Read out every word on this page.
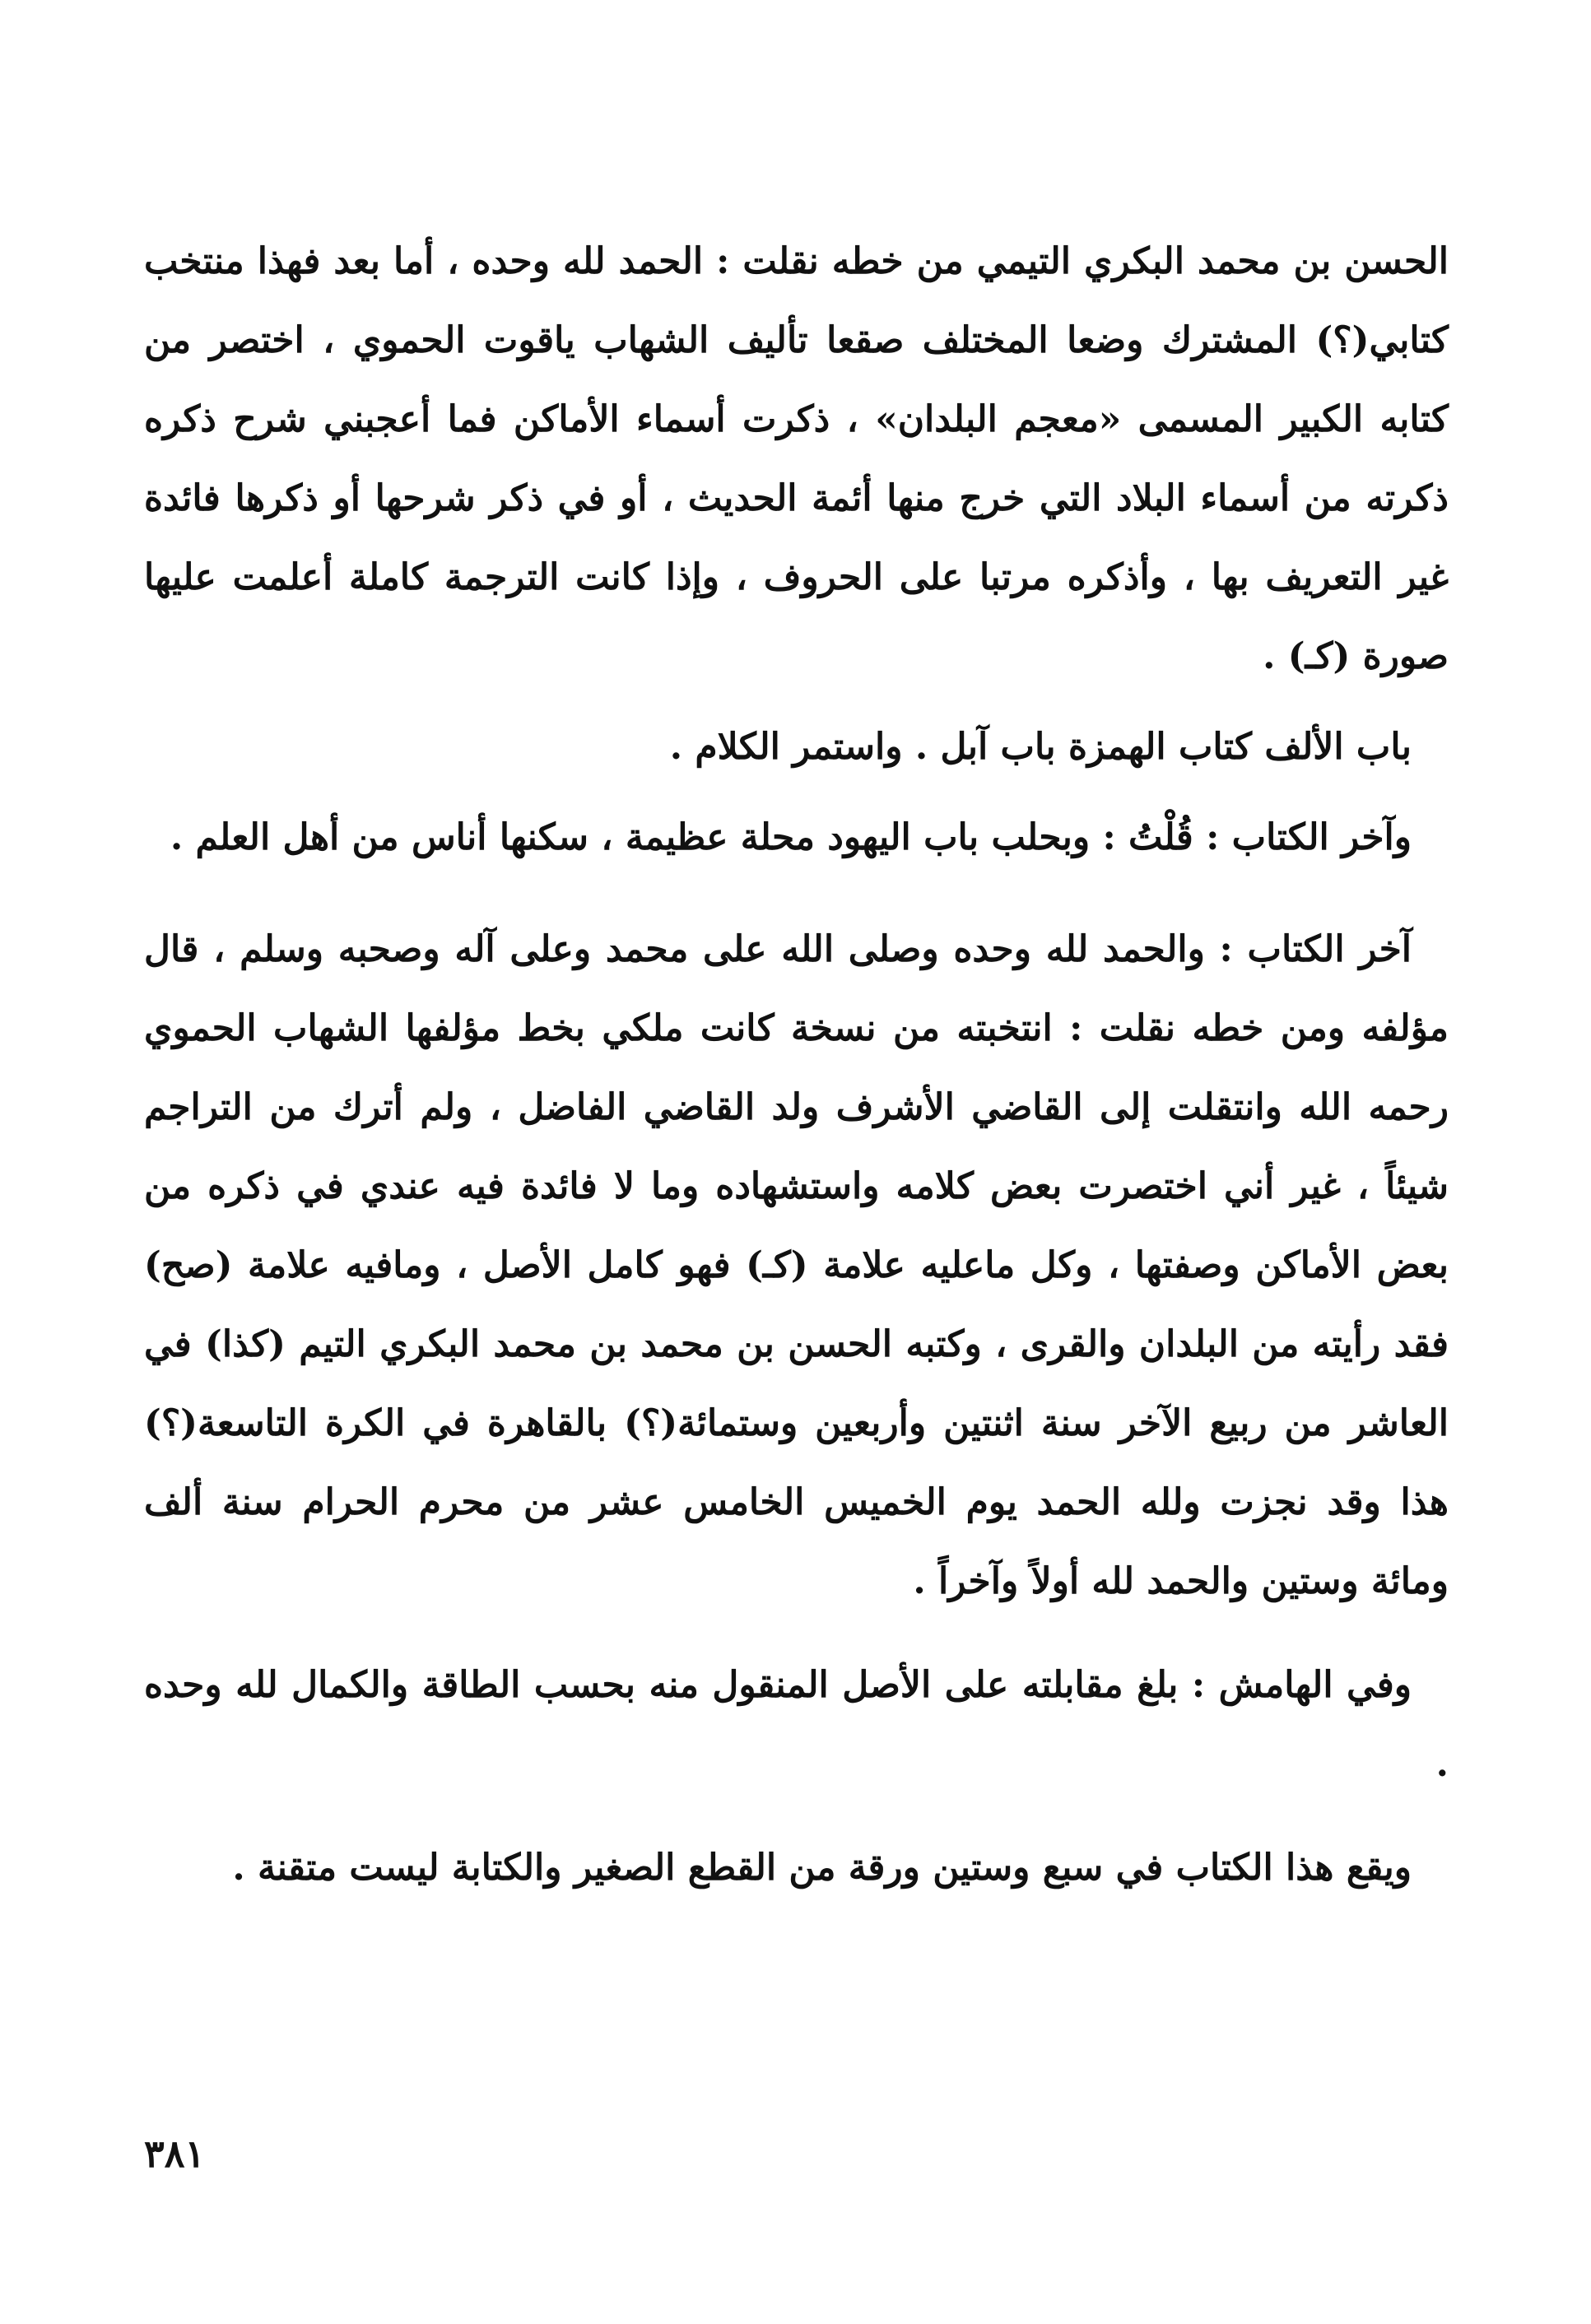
الحسن بن محمد البكري التيمي من خطه نقلت : الحمد لله وحده ، أما بعد فهذا منتخب كتابي(؟) المشترك وضعا المختلف صقعا تأليف الشهاب ياقوت الحموي ، اختصر من كتابه الكبير المسمى «معجم البلدان» ، ذكرت أسماء الأماكن فما أعجبني شرح ذكره ذكرته من أسماء البلاد التي خرج منها أئمة الحديث ، أو في ذكر شرحها أو ذكرها فائدة غير التعريف بها ، وأذكره مرتبا على الحروف ، وإذا كانت الترجمة كاملة أعلمت عليها صورة (كـ) .

باب الألف كتاب الهمزة باب آبل . واستمر الكلام .

وآخر الكتاب : قُلْتُ : وبحلب باب اليهود محلة عظيمة ، سكنها أناس من أهل العلم .

آخر الكتاب : والحمد لله وحده وصلى الله على محمد وعلى آله وصحبه وسلم ، قال مؤلفه ومن خطه نقلت : انتخبته من نسخة كانت ملكي بخط مؤلفها الشهاب الحموي رحمه الله وانتقلت إلى القاضي الأشرف ولد القاضي الفاضل ، ولم أترك من التراجم شيئاً ، غير أني اختصرت بعض كلامه واستشهاده وما لا فائدة فيه عندي في ذكره من بعض الأماكن وصفتها ، وكل ماعليه علامة (كـ) فهو كامل الأصل ، ومافيه علامة (صح) فقد رأيته من البلدان والقرى ، وكتبه الحسن بن محمد بن محمد البكري التيم (كذا) في العاشر من ربيع الآخر سنة اثنتين وأربعين وستمائة(؟) بالقاهرة في الكرة التاسعة(؟) هذا وقد نجزت ولله الحمد يوم الخميس الخامس عشر من محرم الحرام سنة ألف ومائة وستين والحمد لله أولاً وآخراً .

وفي الهامش : بلغ مقابلته على الأصل المنقول منه بحسب الطاقة والكمال لله وحده .

ويقع هذا الكتاب في سبع وستين ورقة من القطع الصغير والكتابة ليست متقنة .

٣٨١
